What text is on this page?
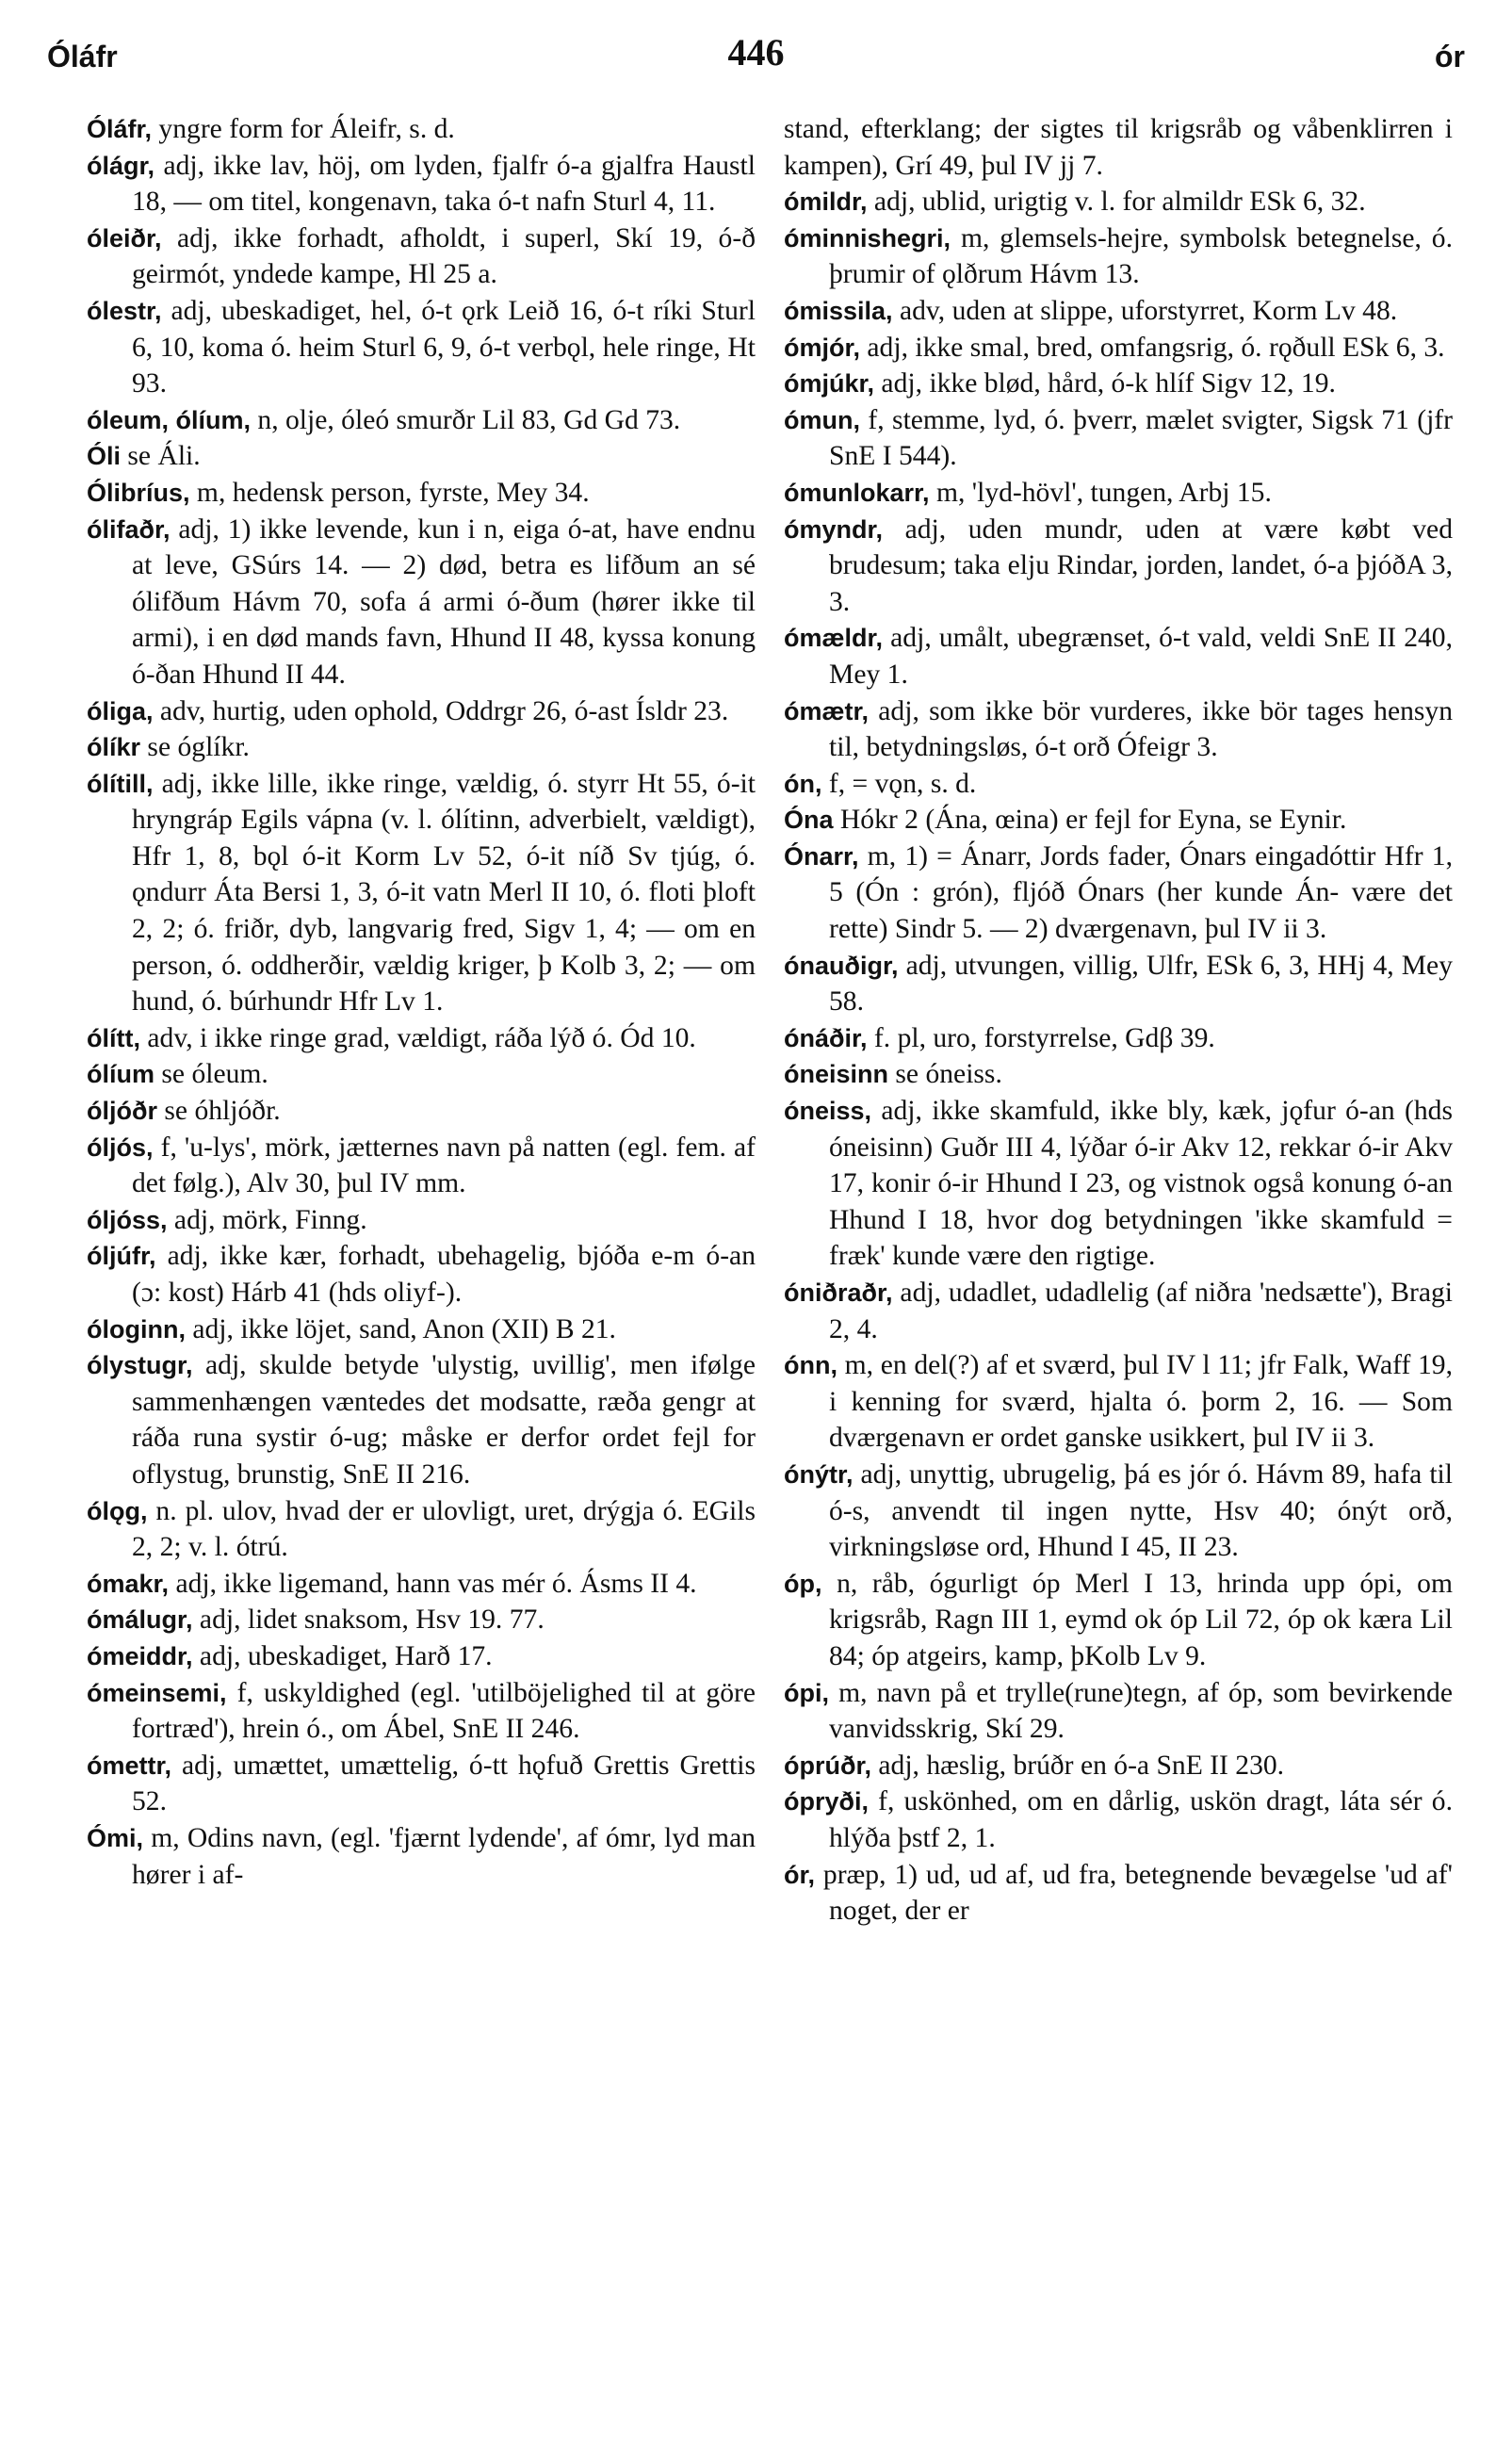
Óláfr	446	ór

Óláfr, yngre form for Áleifr, s. d.

ólágr, adj, ikke lav, höj, om lyden, fjalfr ó-a gjalfra Haustl 18, — om titel, kongenavn, taka ó-t nafn Sturl 4, 11.

óleiðr, adj, ikke forhadt, afholdt, i superl, Skí 19, ó-ð geirmót, yndede kampe, Hl 25 a.

ólestr, adj, ubeskadiget, hel, ó-t ǫrk Leið 16, ó-t ríki Sturl 6, 10, koma ó. heim Sturl 6, 9, ó-t verbǫl, hele ringe, Ht 93.

óleum, ólíum, n, olje, óleó smurðr Lil 83, Gd Gd 73.

Óli se Áli.

Ólibríus, m, hedensk person, fyrste, Mey 34.

ólifaðr, adj, 1) ikke levende, kun i n, eiga ó-at, have endnu at leve, GSúrs 14. — 2) død, betra es lifðum an sé ólifðum Hávm 70, sofa á armi ó-ðum (hører ikke til armi), i en død mands favn, Hhund II 48, kyssa konung ó-ðan Hhund II 44.

óliga, adv, hurtig, uden ophold, Oddrgr 26, ó-ast Ísldr 23.

ólíkr se óglíkr.

ólítill, adj, ikke lille, ikke ringe, vældig, ó. styrr Ht 55, ó-it hryngráp Egils vápna (v. l. ólítinn, adverbielt, vældigt), Hfr 1, 8, bǫl ó-it Korm Lv 52, ó-it níð Sv tjúg, ó. ǫndurr Áta Bersi 1, 3, ó-it vatn Merl II 10, ó. floti þloft 2, 2; ó. friðr, dyb, langvarig fred, Sigv 1, 4; — om en person, ó. oddherðir, vældig kriger, þ Kolb 3, 2; — om hund, ó. búrhundr Hfr Lv 1.

ólítt, adv, i ikke ringe grad, vældigt, ráða lýð ó. Ód 10.

ólíum se óleum.

óljóðr se óhljóðr.

óljós, f, 'u-lys', mörk, jætternes navn på natten (egl. fem. af det følg.), Alv 30, þul IV mm.

óljóss, adj, mörk, Finng.

óljúfr, adj, ikke kær, forhadt, ubehagelig, bjóða e-m ó-an (ɔ: kost) Hárb 41 (hds oliyf-).

óloginn, adj, ikke löjet, sand, Anon (XII) B 21.

ólystugr, adj, skulde betyde 'ulystig, uvillig', men ifølge sammenhængen væntedes det modsatte, ræða gengr at ráða runa systir ó-ug; måske er derfor ordet fejl for oflystug, brunstig, SnE II 216.

ólǫg, n. pl. ulov, hvad der er ulovligt, uret, drýgja ó. EGils 2, 2; v. l. ótrú.

ómakr, adj, ikke ligemand, hann vas mér ó. Ásms II 4.

ómálugr, adj, lidet snaksom, Hsv 19. 77.

ómeiddr, adj, ubeskadiget, Harð 17.

ómeinsemi, f, uskyldighed (egl. 'utilböjelighed til at göre fortræd'), hrein ó., om Ábel, SnE II 246.

ómettr, adj, umættet, umættelig, ó-tt hǫfuð Grettis Grettis 52.

Ómi, m, Odins navn, (egl. 'fjærnt lydende', af ómr, lyd man hører i af-

stand, efterklang; der sigtes til krigsråb og våbenklirren i kampen), Grí 49, þul IV jj 7.

ómildr, adj, ublid, urigtig v. l. for almildr ESk 6, 32.

óminnishegri, m, glemsels-hejre, symbolsk betegnelse, ó. þrumir of ǫlðrum Hávm 13.

ómissila, adv, uden at slippe, uforstyrret, Korm Lv 48.

ómjór, adj, ikke smal, bred, omfangsrig, ó. rǫðull ESk 6, 3.

ómjúkr, adj, ikke blød, hård, ó-k hlíf Sigv 12, 19.

ómun, f, stemme, lyd, ó. þverr, mælet svigter, Sigsk 71 (jfr SnE I 544).

ómunlokarr, m, 'lyd-hövl', tungen, Arbj 15.

ómyndr, adj, uden mundr, uden at være købt ved brudesum; taka elju Rindar, jorden, landet, ó-a þjóðA 3, 3.

ómældr, adj, umålt, ubegrænset, ó-t vald, veldi SnE II 240, Mey 1.

ómætr, adj, som ikke bör vurderes, ikke bör tages hensyn til, betydningsløs, ó-t orð Ófeigr 3.

ón, f, = vǫn, s. d.

Óna Hókr 2 (Ána, œina) er fejl for Eyna, se Eynir.

Ónarr, m, 1) = Ánarr, Jords fader, Ónars eingadóttir Hfr 1, 5 (Ón : grón), fljóð Ónars (her kunde Án- være det rette) Sindr 5. — 2) dværgenavn, þul IV ii 3.

ónauðigr, adj, utvungen, villig, Ulfr, ESk 6, 3, HHj 4, Mey 58.

ónáðir, f. pl, uro, forstyrrelse, Gdβ 39.

óneisinn se óneiss.

óneiss, adj, ikke skamfuld, ikke bly, kæk, jǫfur ó-an (hds óneisinn) Guðr III 4, lýðar ó-ir Akv 12, rekkar ó-ir Akv 17, konir ó-ir Hhund I 23, og vistnok også konung ó-an Hhund I 18, hvor dog betydningen 'ikke skamfuld = fræk' kunde være den rigtige.

óniðraðr, adj, udadlet, udadlelig (af niðra 'nedsætte'), Bragi 2, 4.

ónn, m, en del(?) af et sværd, þul IV l 11; jfr Falk, Waff 19, i kenning for sværd, hjalta ó. þorm 2, 16. — Som dværgenavn er ordet ganske usikkert, þul IV ii 3.

ónýtr, adj, unyttig, ubrugelig, þá es jór ó. Hávm 89, hafa til ó-s, anvendt til ingen nytte, Hsv 40; ónýt orð, virkningsløse ord, Hhund I 45, II 23.

óp, n, råb, ógurligt óp Merl I 13, hrinda upp ópi, om krigsråb, Ragn III 1, eymd ok óp Lil 72, óp ok kæra Lil 84; óp atgeirs, kamp, þKolb Lv 9.

ópi, m, navn på et trylle(rune)tegn, af óp, som bevirkende vanvidsskrig, Skí 29.

óprúðr, adj, hæslig, brúðr en ó-a SnE II 230.

ópryði, f, uskönhed, om en dårlig, uskön dragt, láta sér ó. hlýða þstf 2, 1.

ór, præp, 1) ud, ud af, ud fra, betegnende bevægelse 'ud af' noget, der er
